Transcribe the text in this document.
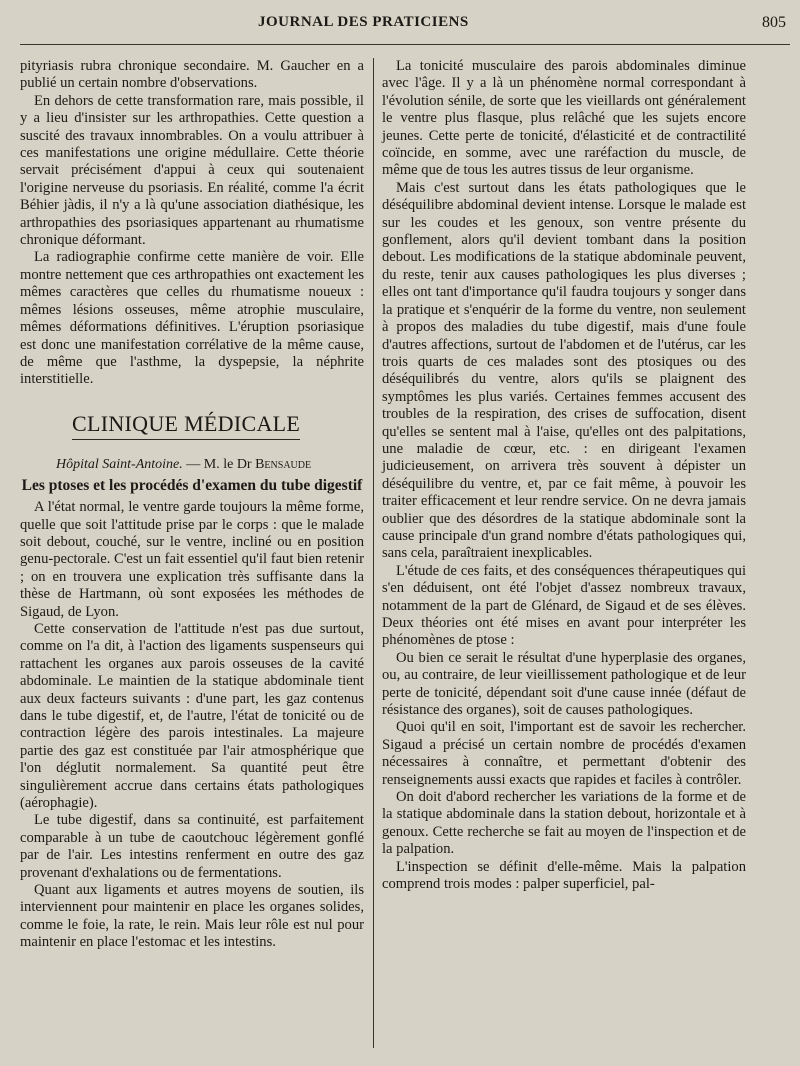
JOURNAL DES PRATICIENS	805

pityriasis rubra chronique secondaire. M. Gaucher en a publié un certain nombre d'observations.

En dehors de cette transformation rare, mais possible, il y a lieu d'insister sur les arthropathies. Cette question a suscité des travaux innombrables. On a voulu attribuer à ces manifestations une origine médullaire. Cette théorie servait précisément d'appui à ceux qui soutenaient l'origine nerveuse du psoriasis. En réalité, comme l'a écrit Béhier jàdis, il n'y a là qu'une association diathésique, les arthropathies des psoriasiques appartenant au rhumatisme chronique déformant.

La radiographie confirme cette manière de voir. Elle montre nettement que ces arthropathies ont exactement les mêmes caractères que celles du rhumatisme noueux : mêmes lésions osseuses, même atrophie musculaire, mêmes déformations définitives. L'éruption psoriasique est donc une manifestation corrélative de la même cause, de même que l'asthme, la dyspepsie, la néphrite interstitielle.

CLINIQUE MÉDICALE
Hôpital Saint-Antoine. — M. le Dr Bensaude
Les ptoses et les procédés d'examen du tube digestif

A l'état normal, le ventre garde toujours la même forme, quelle que soit l'attitude prise par le corps : que le malade soit debout, couché, sur le ventre, incliné ou en position genu-pectorale. C'est un fait essentiel qu'il faut bien retenir ; on en trouvera une explication très suffisante dans la thèse de Hartmann, où sont exposées les méthodes de Sigaud, de Lyon.

Cette conservation de l'attitude n'est pas due surtout, comme on l'a dit, à l'action des ligaments suspenseurs qui rattachent les organes aux parois osseuses de la cavité abdominale. Le maintien de la statique abdominale tient aux deux facteurs suivants : d'une part, les gaz contenus dans le tube digestif, et, de l'autre, l'état de tonicité ou de contraction légère des parois intestinales. La majeure partie des gaz est constituée par l'air atmosphérique que l'on déglutit normalement. Sa quantité peut être singulièrement accrue dans certains états pathologiques (aérophagie).

Le tube digestif, dans sa continuité, est parfaitement comparable à un tube de caoutchouc légèrement gonflé par de l'air. Les intestins renferment en outre des gaz provenant d'exhalations ou de fermentations.

Quant aux ligaments et autres moyens de soutien, ils interviennent pour maintenir en place les organes solides, comme le foie, la rate, le rein. Mais leur rôle est nul pour maintenir en place l'estomac et les intestins.

La tonicité musculaire des parois abdominales diminue avec l'âge. Il y a là un phénomène normal correspondant à l'évolution sénile, de sorte que les vieillards ont généralement le ventre plus flasque, plus relâché que les sujets encore jeunes. Cette perte de tonicité, d'élasticité et de contractilité coïncide, en somme, avec une raréfaction du muscle, de même que de tous les autres tissus de leur organisme.

Mais c'est surtout dans les états pathologiques que le déséquilibre abdominal devient intense. Lorsque le malade est sur les coudes et les genoux, son ventre présente du gonflement, alors qu'il devient tombant dans la position debout. Les modifications de la statique abdominale peuvent, du reste, tenir aux causes pathologiques les plus diverses ; elles ont tant d'importance qu'il faudra toujours y songer dans la pratique et s'enquérir de la forme du ventre, non seulement à propos des maladies du tube digestif, mais d'une foule d'autres affections, surtout de l'abdomen et de l'utérus, car les trois quarts de ces malades sont des ptosiques ou des déséquilibrés du ventre, alors qu'ils se plaignent des symptômes les plus variés. Certaines femmes accusent des troubles de la respiration, des crises de suffocation, disent qu'elles se sentent mal à l'aise, qu'elles ont des palpitations, une maladie de cœur, etc. : en dirigeant l'examen judicieusement, on arrivera très souvent à dépister un déséquilibre du ventre, et, par ce fait même, à pouvoir les traiter efficacement et leur rendre service. On ne devra jamais oublier que des désordres de la statique abdominale sont la cause principale d'un grand nombre d'états pathologiques qui, sans cela, paraîtraient inexplicables.

L'étude de ces faits, et des conséquences thérapeutiques qui s'en déduisent, ont été l'objet d'assez nombreux travaux, notamment de la part de Glénard, de Sigaud et de ses élèves. Deux théories ont été mises en avant pour interpréter les phénomènes de ptose :

Ou bien ce serait le résultat d'une hyperplasie des organes, ou, au contraire, de leur vieillissement pathologique et de leur perte de tonicité, dépendant soit d'une cause innée (défaut de résistance des organes), soit de causes pathologiques.

Quoi qu'il en soit, l'important est de savoir les rechercher. Sigaud a précisé un certain nombre de procédés d'examen nécessaires à connaître, et permettant d'obtenir des renseignements aussi exacts que rapides et faciles à contrôler.

On doit d'abord rechercher les variations de la forme et de la statique abdominale dans la station debout, horizontale et à genoux. Cette recherche se fait au moyen de l'inspection et de la palpation.

L'inspection se définit d'elle-même. Mais la palpation comprend trois modes : palper superficiel, pal-
